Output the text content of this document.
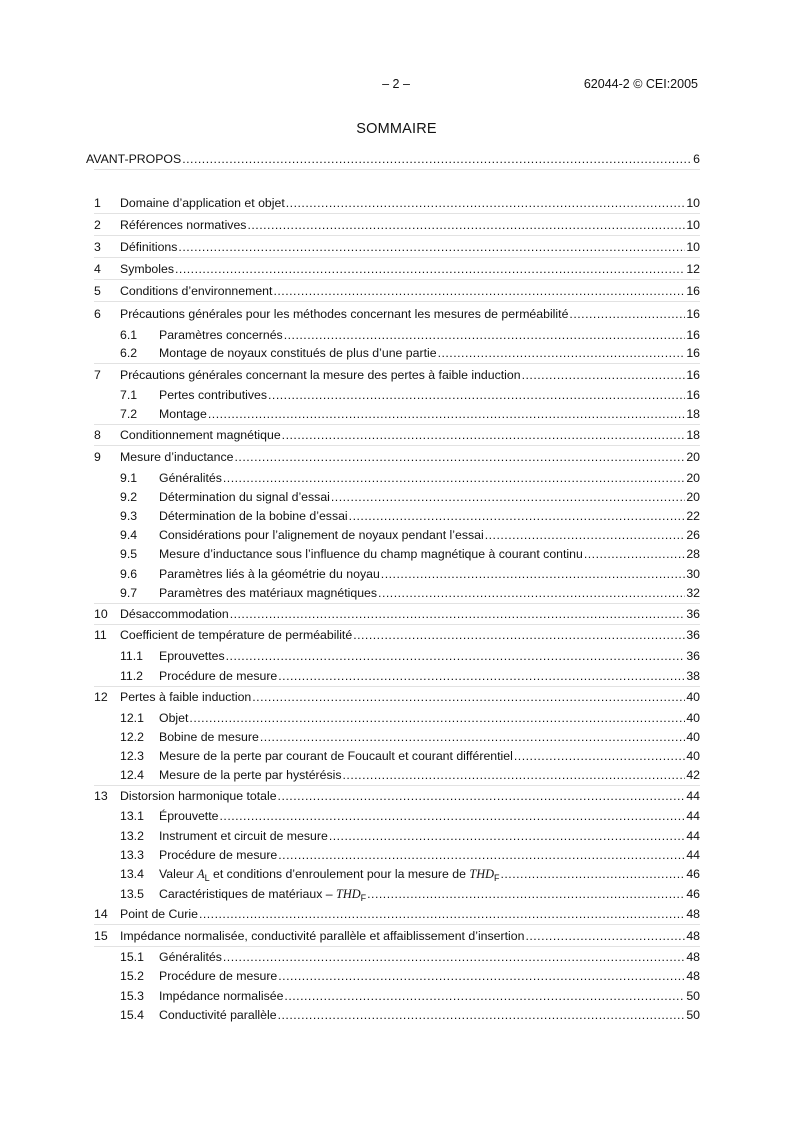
– 2 –	62044-2 © CEI:2005
SOMMAIRE
AVANT-PROPOS .....	6
1 Domaine d’application et objet .....	10
2 Références normatives .....	10
3 Définitions .....	10
4 Symboles .....	12
5 Conditions d’environnement .....	16
6 Précautions générales pour les méthodes concernant les mesures de perméabilité .....	16
6.1 Paramètres concernés .....	16
6.2 Montage de noyaux constitués de plus d’une partie .....	16
7 Précautions générales concernant la mesure des pertes à faible induction .....	16
7.1 Pertes contributives .....	16
7.2 Montage .....	18
8 Conditionnement magnétique .....	18
9 Mesure d’inductance .....	20
9.1 Généralités .....	20
9.2 Détermination du signal d’essai .....	20
9.3 Détermination de la bobine d’essai .....	22
9.4 Considérations pour l’alignement de noyaux pendant l’essai .....	26
9.5 Mesure d’inductance sous l’influence du champ magnétique à courant continu .....	28
9.6 Paramètres liés à la géométrie du noyau .....	30
9.7 Paramètres des matériaux magnétiques .....	32
10 Désaccommodation .....	36
11 Coefficient de température de perméabilité .....	36
11.1 Eprouvettes .....	36
11.2 Procédure de mesure .....	38
12 Pertes à faible induction .....	40
12.1 Objet .....	40
12.2 Bobine de mesure .....	40
12.3 Mesure de la perte par courant de Foucault et courant différentiel .....	40
12.4 Mesure de la perte par hystérésis .....	42
13 Distorsion harmonique totale .....	44
13.1 Éprouvette .....	44
13.2 Instrument et circuit de mesure .....	44
13.3 Procédure de mesure .....	44
13.4 Valeur $A_L$ et conditions d’enroulement pour la mesure de $THD_F$ .....	46
13.5 Caractéristiques de matériaux – $THD_F$ .....	46
14 Point de Curie .....	48
15 Impédance normalisée, conductivité parallèle et affaiblissement d’insertion .....	48
15.1 Généralités .....	48
15.2 Procédure de mesure .....	48
15.3 Impédance normalisée .....	50
15.4 Conductivité parallèle .....	50
